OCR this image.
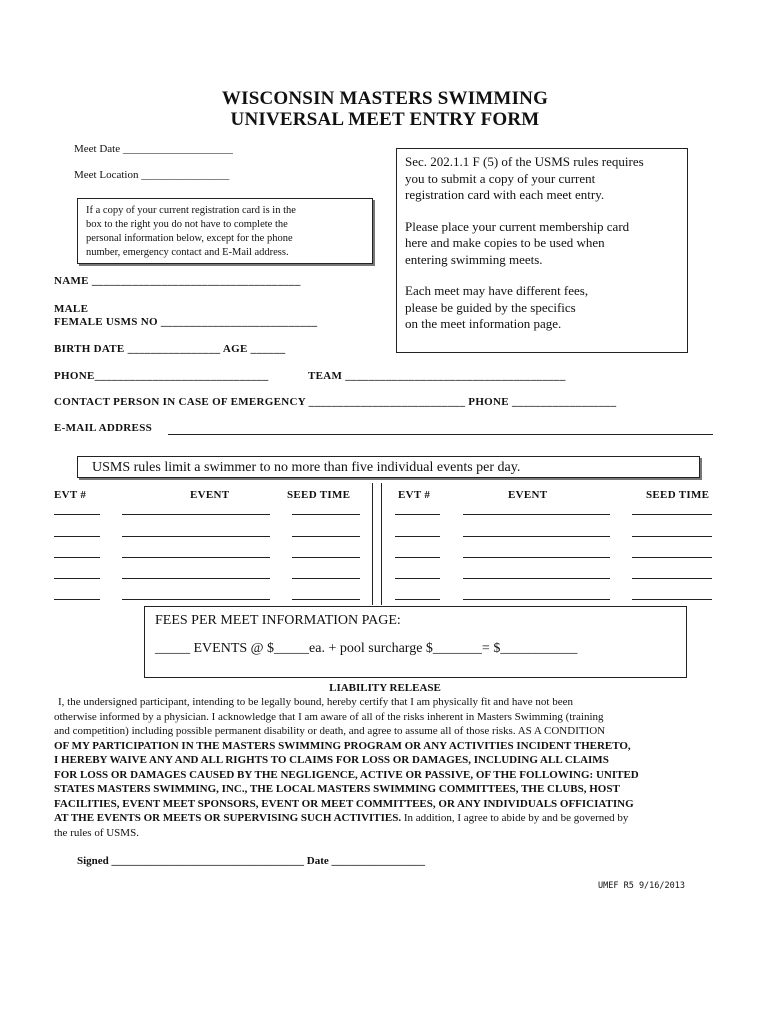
WISCONSIN MASTERS SWIMMING
UNIVERSAL MEET ENTRY FORM
Meet Date ____________________
Meet Location ________________
If a copy of your current registration card is in the
box to the right you do not have to complete the
personal information below, except for the phone
number, emergency contact and E-Mail address.
Sec. 202.1.1 F (5) of the USMS rules requires
you to submit a copy of your current
registration card with each meet entry.
Please place your current membership card
here and make copies to be used when
entering swimming meets.
Each meet may have different fees,
please be guided by the specifics
on the meet information page.
NAME ____________________________________
MALE
FEMALE USMS NO ___________________________
BIRTH DATE ________________ AGE ______
PHONE______________________________	TEAM ______________________________________
CONTACT PERSON IN CASE OF EMERGENCY ___________________________ PHONE __________________
E-MAIL ADDRESS
USMS rules limit a swimmer to no more than five individual events per day.
EVT #	EVENT	SEED TIME	EVT #	EVENT	SEED TIME
FEES PER MEET INFORMATION PAGE:
_____ EVENTS @ $_____ea. + pool surcharge $_______= $___________
LIABILITY RELEASE
I, the undersigned participant, intending to be legally bound, hereby certify that I am physically fit and have not been
otherwise informed by a physician. I acknowledge that I am aware of all of the risks inherent in Masters Swimming (training
and competition) including possible permanent disability or death, and agree to assume all of those risks. AS A CONDITION
OF MY PARTICIPATION IN THE MASTERS SWIMMING PROGRAM OR ANY ACTIVITIES INCIDENT THERETO,
I HEREBY WAIVE ANY AND ALL RIGHTS TO CLAIMS FOR LOSS OR DAMAGES, INCLUDING ALL CLAIMS
FOR LOSS OR DAMAGES CAUSED BY THE NEGLIGENCE, ACTIVE OR PASSIVE, OF THE FOLLOWING: UNITED
STATES MASTERS SWIMMING, INC., THE LOCAL MASTERS SWIMMING COMMITTEES, THE CLUBS, HOST
FACILITIES, EVENT MEET SPONSORS, EVENT OR MEET COMMITTEES, OR ANY INDIVIDUALS OFFICIATING
AT THE EVENTS OR MEETS OR SUPERVISING SUCH ACTIVITIES. In addition, I agree to abide by and be governed by
the rules of USMS.
Signed ___________________________________ Date _________________
UMEF R5 9/16/2013
